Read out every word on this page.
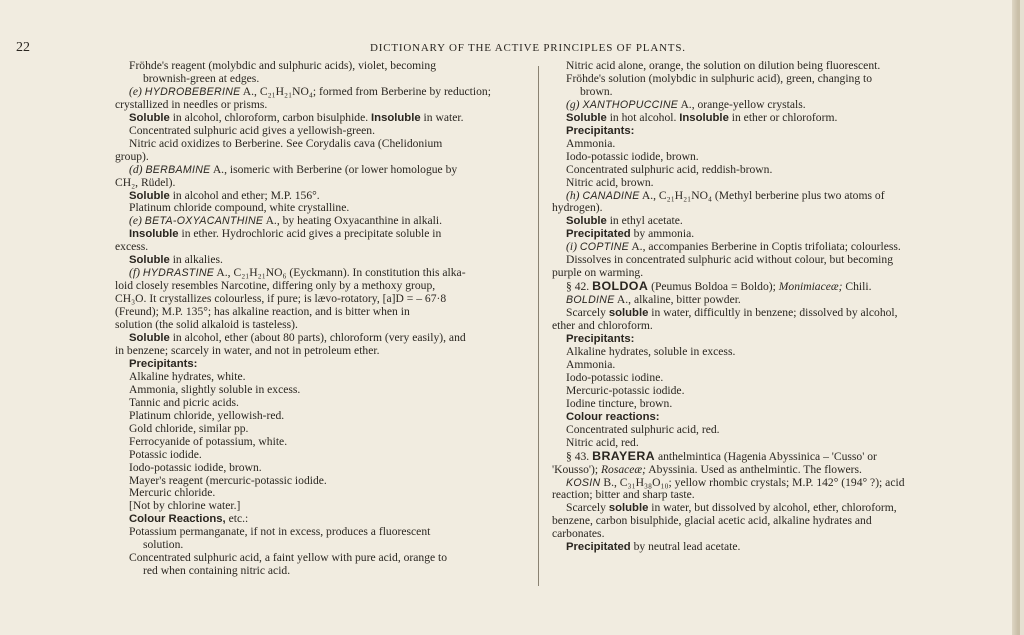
22	DICTIONARY OF THE ACTIVE PRINCIPLES OF PLANTS.

Fröhde's reagent (molybdic and sulphuric acids), violet, becoming

brownish-green at edges.

(e) HYDROBEBERINE A., C₂₁H₂₁NO₄; formed from Berberine by reduction;

crystallized in needles or prisms.

Soluble in alcohol, chloroform, carbon bisulphide. Insoluble in water.

Concentrated sulphuric acid gives a yellowish-green.

Nitric acid oxidizes to Berberine. See Corydalis cava (Chelidonium

group).

(d) BERBAMINE A., isomeric with Berberine (or lower homologue by

CH₂, Rüdel).

Soluble in alcohol and ether; M.P. 156°.

Platinum chloride compound, white crystalline.

(e) BETA-OXYACANTHINE A., by heating Oxyacanthine in alkali.

Insoluble in ether. Hydrochloric acid gives a precipitate soluble in

excess.

Soluble in alkalies.

(f) HYDRASTINE A., C₂₁H₂₁NO₆ (Eyckmann). In constitution this alka-

loid closely resembles Narcotine, differing only by a methoxy group,

CH₃O. It crystallizes colourless, if pure; is lævo-rotatory, [a]D = – 67·8

(Freund); M.P. 135°; has alkaline reaction, and is bitter when in

solution (the solid alkaloid is tasteless).

Soluble in alcohol, ether (about 80 parts), chloroform (very easily), and

in benzene; scarcely in water, and not in petroleum ether.

Precipitants:

Alkaline hydrates, white.

Ammonia, slightly soluble in excess.

Tannic and picric acids.

Platinum chloride, yellowish-red.

Gold chloride, similar pp.

Ferrocyanide of potassium, white.

Potassic iodide.

Iodo-potassic iodide, brown.

Mayer's reagent (mercuric-potassic iodide.

Mercuric chloride.

[Not by chlorine water.]

Colour Reactions, etc.:

Potassium permanganate, if not in excess, produces a fluorescent

solution.

Concentrated sulphuric acid, a faint yellow with pure acid, orange to

red when containing nitric acid.

Nitric acid alone, orange, the solution on dilution being fluorescent.

Fröhde's solution (molybdic in sulphuric acid), green, changing to

brown.

(g) XANTHOPUCCINE A., orange-yellow crystals.

Soluble in hot alcohol. Insoluble in ether or chloroform.

Precipitants:

Ammonia.

Iodo-potassic iodide, brown.

Concentrated sulphuric acid, reddish-brown.

Nitric acid, brown.

(h) CANADINE A., C₂₁H₂₁NO₄ (Methyl berberine plus two atoms of

hydrogen).

Soluble in ethyl acetate.

Precipitated by ammonia.

(i) COPTINE A., accompanies Berberine in Coptis trifoliata; colourless.

Dissolves in concentrated sulphuric acid without colour, but becoming

purple on warming.

§ 42. BOLDOA (Peumus Boldoa = Boldo); Monimiaceæ; Chili.

BOLDINE A., alkaline, bitter powder.

Scarcely soluble in water, difficultly in benzene; dissolved by alcohol,

ether and chloroform.

Precipitants:

Alkaline hydrates, soluble in excess.

Ammonia.

Iodo-potassic iodine.

Mercuric-potassic iodide.

Iodine tincture, brown.

Colour reactions:

Concentrated sulphuric acid, red.

Nitric acid, red.

§ 43. BRAYERA anthelmintica (Hagenia Abyssinica – 'Cusso' or

'Kousso'); Rosaceæ; Abyssinia. Used as anthelmintic. The flowers.

KOSIN B., C₃₁H₃₈O₁₀; yellow rhombic crystals; M.P. 142° (194° ?); acid

reaction; bitter and sharp taste.

Scarcely soluble in water, but dissolved by alcohol, ether, chloroform,

benzene, carbon bisulphide, glacial acetic acid, alkaline hydrates and

carbonates.

Precipitated by neutral lead acetate.
